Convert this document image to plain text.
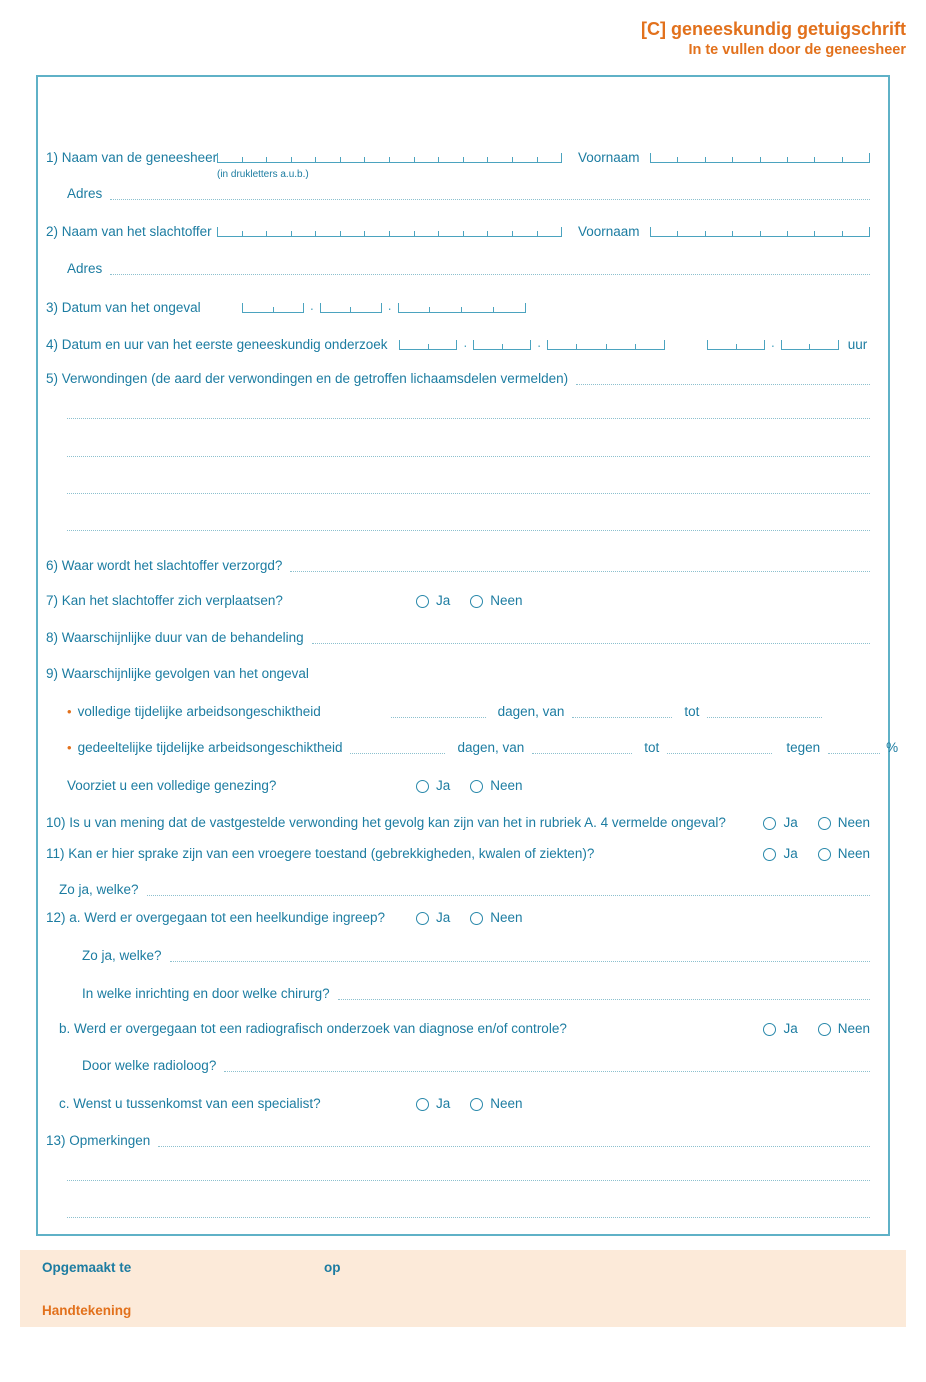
[C] geneeskundig getuigschrift
In te vullen door de geneesheer
1) Naam van de geneesheer
(in drukletters a.u.b.)
Voornaam
Adres
2) Naam van het slachtoffer	Voornaam
Adres
3) Datum van het ongeval	.	.
4) Datum en uur van het eerste geneeskundig onderzoek	.	.	.	uur
5) Verwondingen (de aard der verwondingen en de getroffen lichaamsdelen vermelden)
6) Waar wordt het slachtoffer verzorgd?
7) Kan het slachtoffer zich verplaatsen?	Ja	Neen
8) Waarschijnlijke duur van de behandeling
9) Waarschijnlijke gevolgen van het ongeval
• volledige tijdelijke arbeidsongeschiktheid	dagen, van	tot
• gedeeltelijke tijdelijke arbeidsongeschiktheid	dagen, van	tot	tegen	%
Voorziet u een volledige genezing?	Ja	Neen
10) Is u van mening dat de vastgestelde verwonding het gevolg kan zijn van het in rubriek A. 4 vermelde ongeval?	Ja	Neen
11) Kan er hier sprake zijn van een vroegere toestand (gebrekkigheden, kwalen of ziekten)?	Ja	Neen
Zo ja, welke?
12) a. Werd er overgegaan tot een heelkundige ingreep?	Ja	Neen
Zo ja, welke?
In welke inrichting en door welke chirurg?
b. Werd er overgegaan tot een radiografisch onderzoek van diagnose en/of controle?	Ja	Neen
Door welke radioloog?
c. Wenst u tussenkomst van een specialist?	Ja	Neen
13) Opmerkingen
Opgemaakt te	op
Handtekening
